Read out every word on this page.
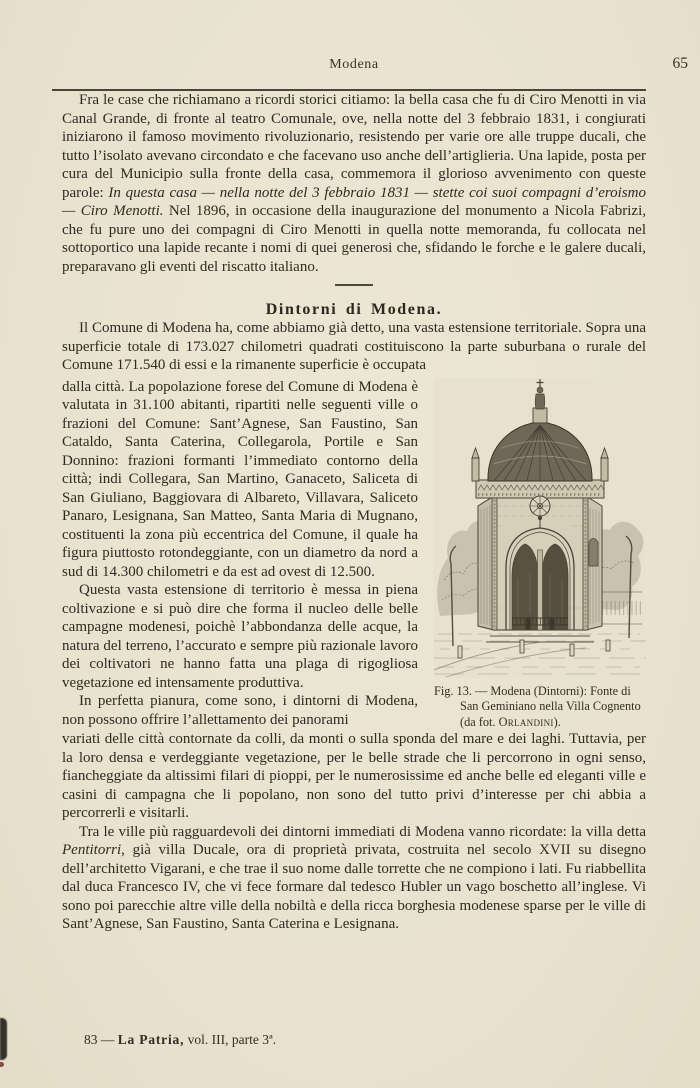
Modena	65

Fra le case che richiamano a ricordi storici citiamo: la bella casa che fu di Ciro Menotti in via Canal Grande, di fronte al teatro Comunale, ove, nella notte del 3 febbraio 1831, i congiurati iniziarono il famoso movimento rivoluzionario, resistendo per varie ore alle truppe ducali, che tutto l’isolato avevano circondato e che facevano uso anche dell’artiglieria. Una lapide, posta per cura del Municipio sulla fronte della casa, commemora il glorioso avvenimento con queste parole: In questa casa — nella notte del 3 febbraio 1831 — stette coi suoi compagni d’eroismo — Ciro Menotti. Nel 1896, in occasione della inaugurazione del monumento a Nicola Fabrizi, che fu pure uno dei compagni di Ciro Menotti in quella notte memoranda, fu collocata nel sottoportico una lapide recante i nomi di quei generosi che, sfidando le forche e le galere ducali, preparavano gli eventi del riscatto italiano.

Dintorni di Modena.

Il Comune di Modena ha, come abbiamo già detto, una vasta estensione territoriale. Sopra una superficie totale di 173.027 chilometri quadrati costituiscono la parte suburbana o rurale del Comune 171.540 di essi e la rimanente superficie è occupata

dalla città. La popolazione forese del Comune di Modena è valutata in 31.100 abitanti, ripartiti nelle seguenti ville o frazioni del Comune: Sant’Agnese, San Faustino, San Cataldo, Santa Caterina, Collegarola, Portile e San Donnino: frazioni formanti l’immediato contorno della città; indi Collegara, San Martino, Ganaceto, Saliceta di San Giuliano, Baggiovara di Albareto, Villavara, Saliceto Panaro, Lesignana, San Matteo, Santa Maria di Mugnano, costituenti la zona più eccentrica del Comune, il quale ha figura piuttosto rotondeggiante, con un diametro da nord a sud di 14.300 chilometri e da est ad ovest di 12.500.

Questa vasta estensione di territorio è messa in piena coltivazione e si può dire che forma il nucleo delle belle campagne modenesi, poichè l’abbondanza delle acque, la natura del terreno, l’accurato e sempre più razionale lavoro dei coltivatori ne hanno fatta una plaga di rigogliosa vegetazione ed intensamente produttiva.

In perfetta pianura, come sono, i dintorni di Modena, non possono offrire l’allettamento dei panorami

Fig. 13. — Modena (Dintorni): Fonte di San Geminiano nella Villa Cognento (da fot. Orlandini).

variati delle città contornate da colli, da monti o sulla sponda del mare e dei laghi. Tuttavia, per la loro densa e verdeggiante vegetazione, per le belle strade che li percorrono in ogni senso, fiancheggiate da altissimi filari di pioppi, per le numerosissime ed anche belle ed eleganti ville e casini di campagna che li popolano, non sono del tutto privi d’interesse per chi abbia a percorrerli e visitarli.

Tra le ville più ragguardevoli dei dintorni immediati di Modena vanno ricordate: la villa detta Pentitorri, già villa Ducale, ora di proprietà privata, costruita nel secolo XVII su disegno dell’architetto Vigarani, e che trae il suo nome dalle torrette che ne compiono i lati. Fu riabbellita dal duca Francesco IV, che vi fece formare dal tedesco Hubler un vago boschetto all’inglese. Vi sono poi parecchie altre ville della nobiltà e della ricca borghesia modenese sparse per le ville di Sant’Agnese, San Faustino, Santa Caterina e Lesignana.

83 — La Patria, vol. III, parte 3ª.
